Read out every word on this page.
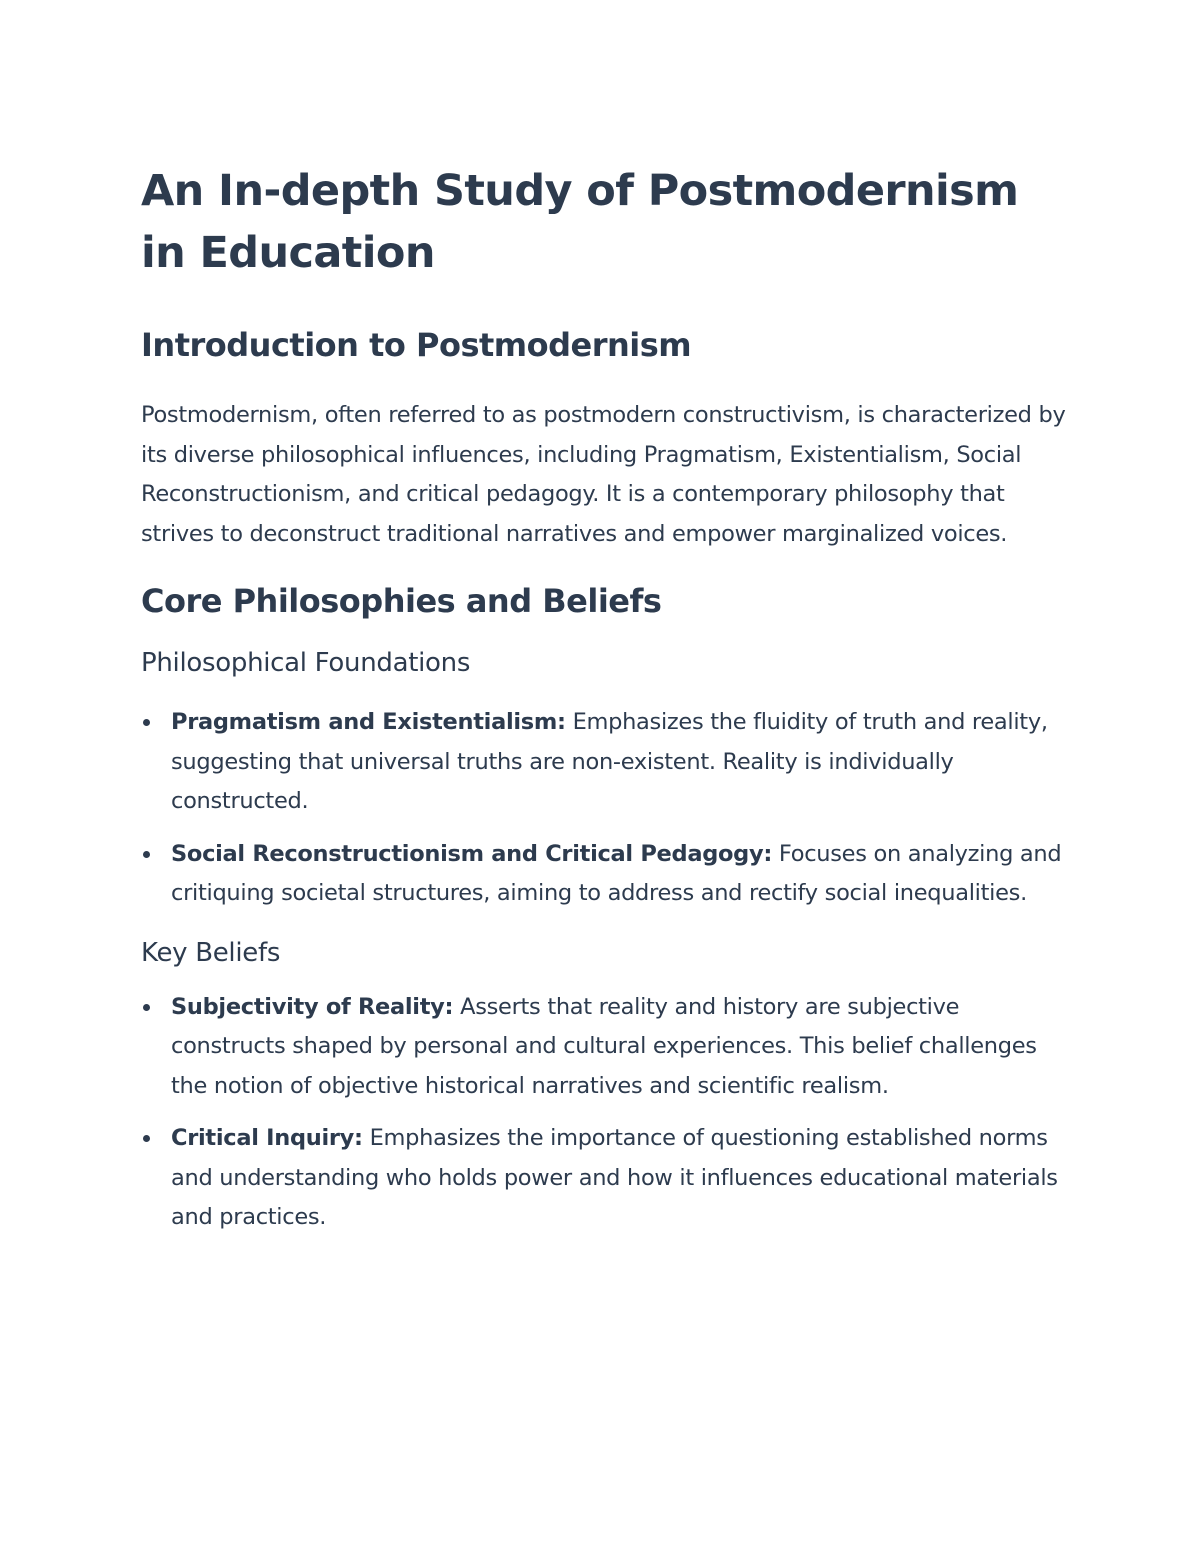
An In-depth Study of Postmodernism in Education
Introduction to Postmodernism

Postmodernism, often referred to as postmodern constructivism, is characterized by its diverse philosophical influences, including Pragmatism, Existentialism, Social Reconstructionism, and critical pedagogy. It is a contemporary philosophy that strives to deconstruct traditional narratives and empower marginalized voices.

Core Philosophies and Beliefs
Philosophical Foundations
Pragmatism and Existentialism: Emphasizes the fluidity of truth and reality, suggesting that universal truths are non-existent. Reality is individually constructed.
Social Reconstructionism and Critical Pedagogy: Focuses on analyzing and critiquing societal structures, aiming to address and rectify social inequalities.
Key Beliefs
Subjectivity of Reality: Asserts that reality and history are subjective constructs shaped by personal and cultural experiences. This belief challenges the notion of objective historical narratives and scientific realism.
Critical Inquiry: Emphasizes the importance of questioning established norms and understanding who holds power and how it influences educational materials and practices.
